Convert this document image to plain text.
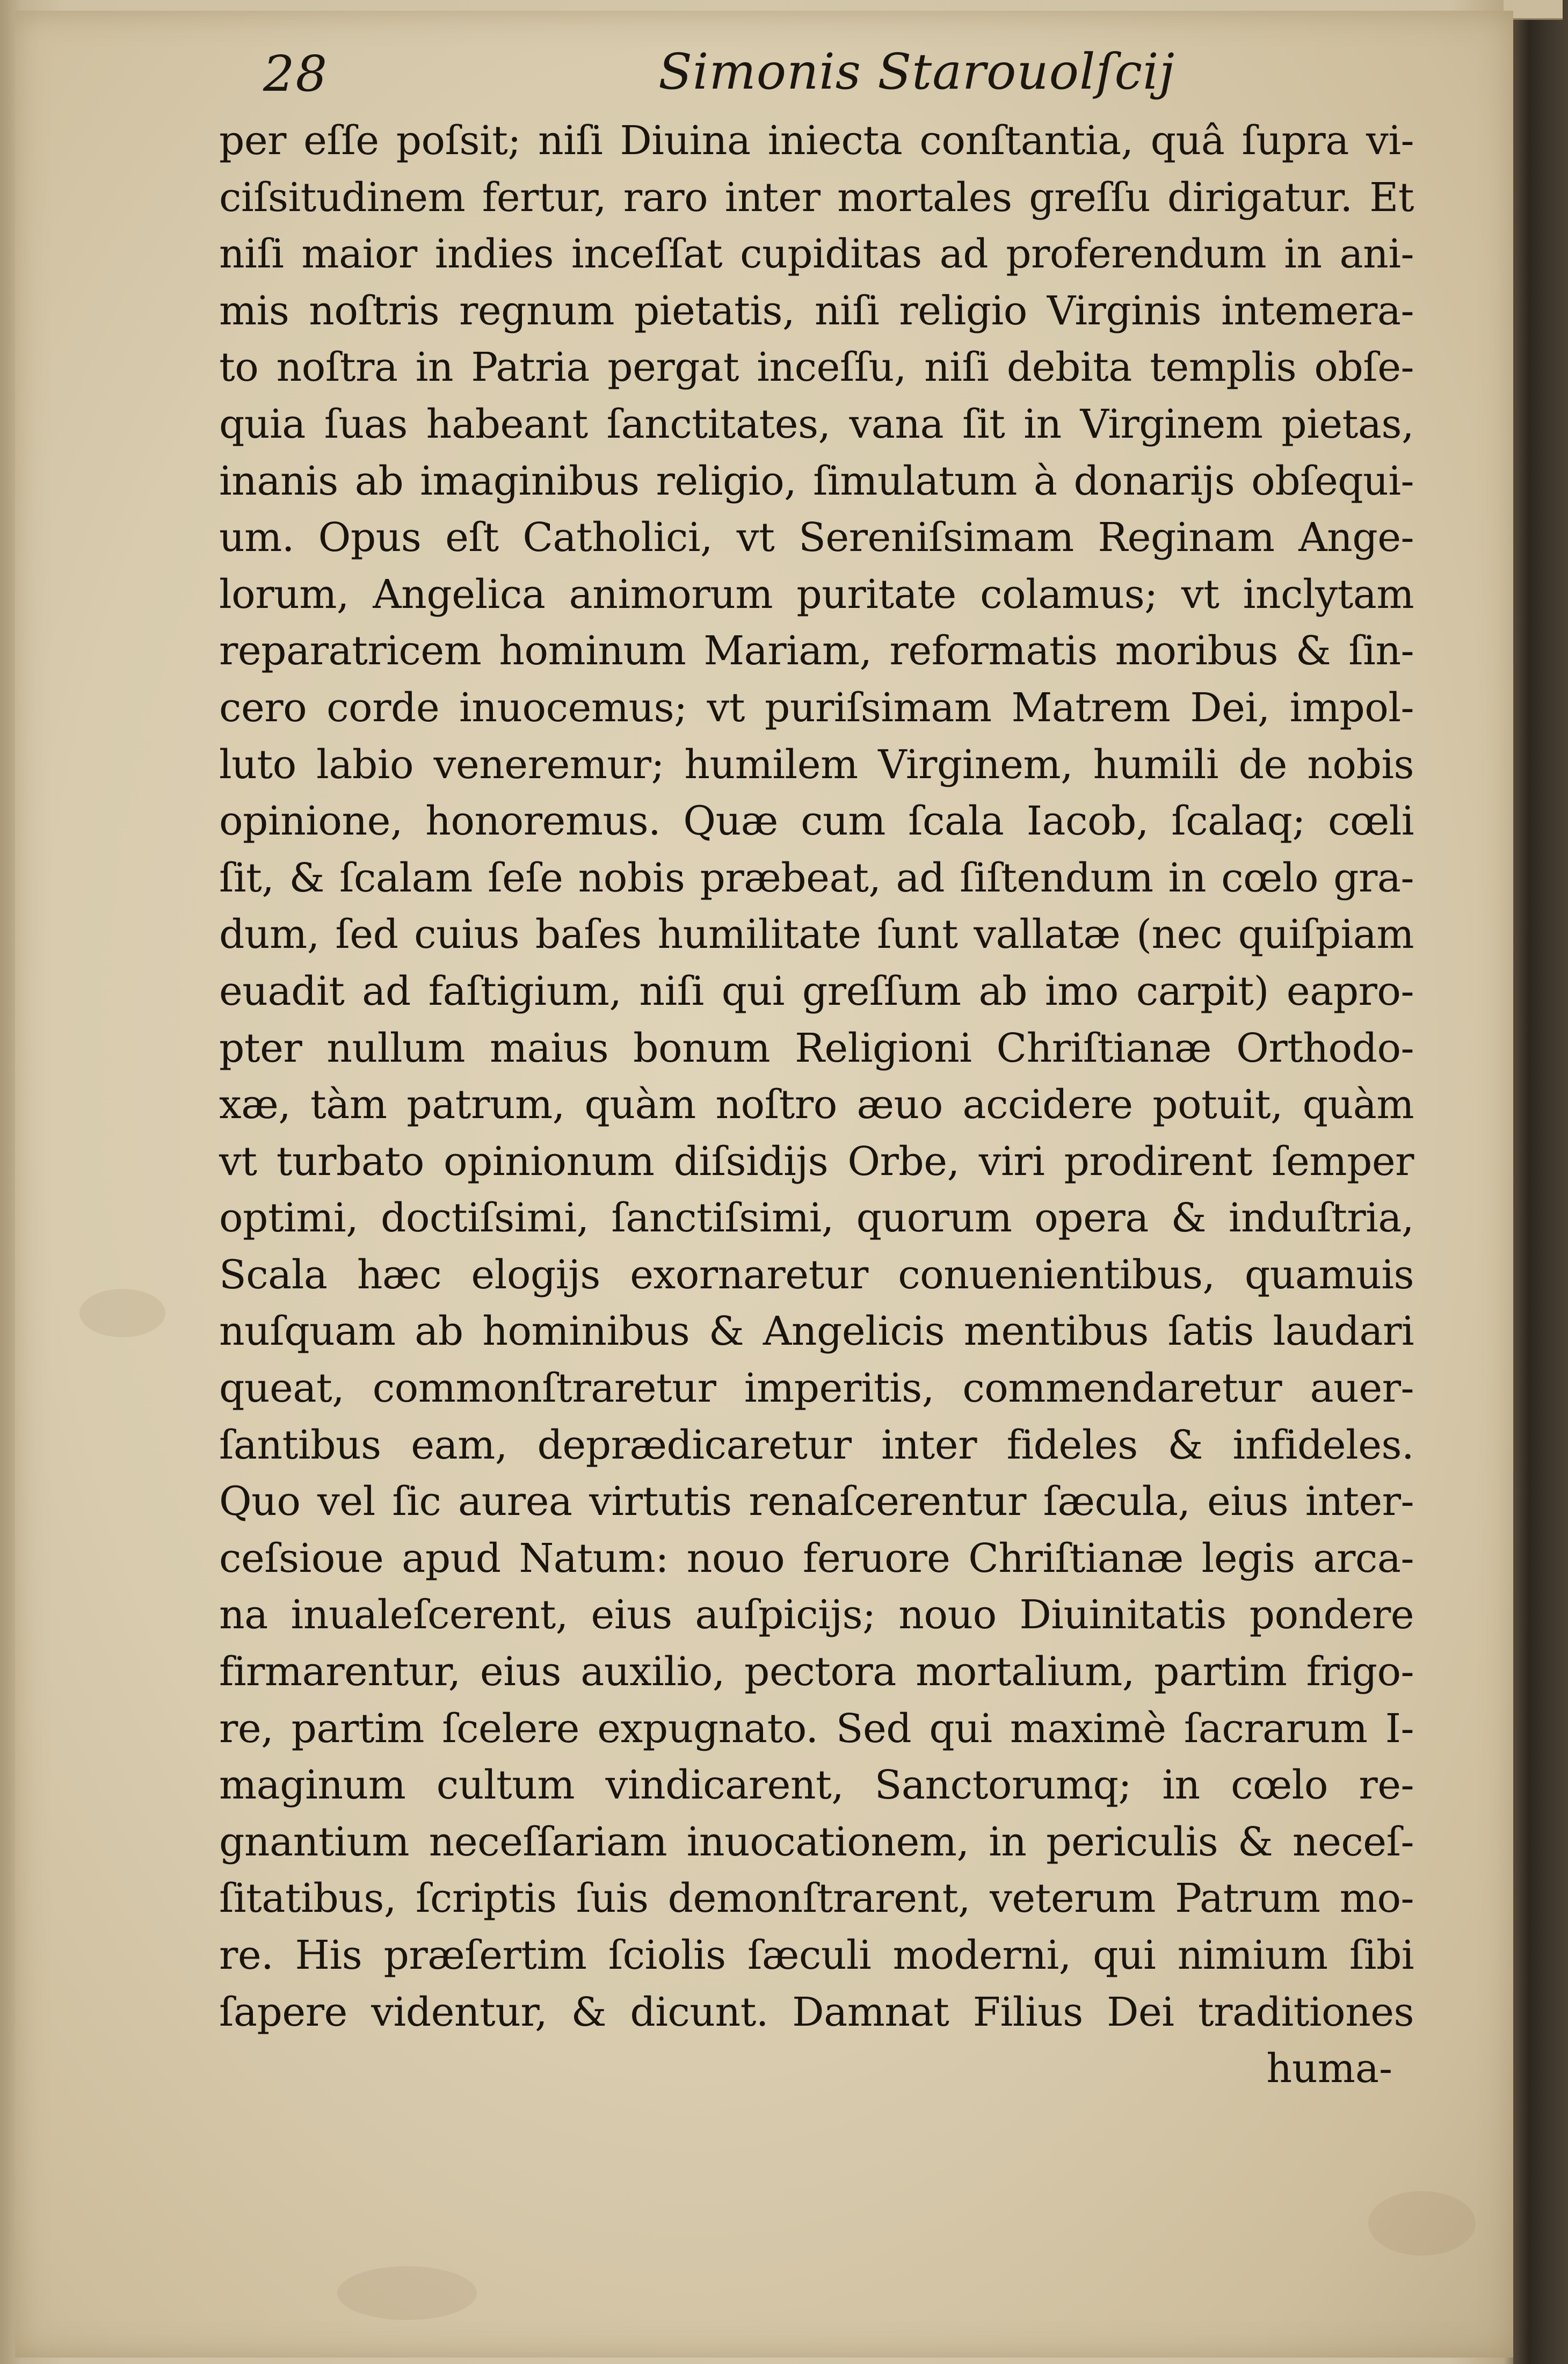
28	Simonis Starouolſcij
per eſſe poſsit; niſi Diuina iniecta conſtantia, quâ ſupra vi-
ciſsitudinem fertur, raro inter mortales greſſu dirigatur. Et
niſi maior indies inceſſat cupiditas ad proferendum in ani-
mis noſtris regnum pietatis, niſi religio Virginis intemera-
to noſtra in Patria pergat inceſſu, niſi debita templis obſe-
quia ſuas habeant ſanctitates, vana ſit in Virginem pietas,
inanis ab imaginibus religio, ſimulatum à donarijs obſequi-
um. Opus eſt Catholici, vt Sereniſsimam Reginam Ange-
lorum, Angelica animorum puritate colamus; vt inclytam
reparatricem hominum Mariam, reformatis moribus & ſin-
cero corde inuocemus; vt puriſsimam Matrem Dei, impol-
luto labio veneremur; humilem Virginem, humili de nobis
opinione, honoremus. Quæ cum ſcala Iacob, ſcalaq; cœli
ſit, & ſcalam ſeſe nobis præbeat, ad ſiſtendum in cœlo gra-
dum, ſed cuius baſes humilitate ſunt vallatæ (nec quiſpiam
euadit ad faſtigium, niſi qui greſſum ab imo carpit) eapro-
pter nullum maius bonum Religioni Chriſtianæ Orthodo-
xæ, tàm patrum, quàm noſtro æuo accidere potuit, quàm
vt turbato opinionum diſsidijs Orbe, viri prodirent ſemper
optimi, doctiſsimi, ſanctiſsimi, quorum opera & induſtria,
Scala hæc elogijs exornaretur conuenientibus, quamuis
nuſquam ab hominibus & Angelicis mentibus ſatis laudari
queat, commonſtraretur imperitis, commendaretur auer-
ſantibus eam, deprædicaretur inter fideles & infideles.
Quo vel ſic aurea virtutis renaſcerentur ſæcula, eius inter-
ceſsioue apud Natum: nouo feruore Chriſtianæ legis arca-
na inualeſcerent, eius auſpicijs; nouo Diuinitatis pondere
firmarentur, eius auxilio, pectora mortalium, partim frigo-
re, partim ſcelere expugnato. Sed qui maximè ſacrarum I-
maginum cultum vindicarent, Sanctorumq; in cœlo re-
gnantium neceſſariam inuocationem, in periculis & neceſ-
ſitatibus, ſcriptis ſuis demonſtrarent, veterum Patrum mo-
re. His præſertim ſciolis ſæculi moderni, qui nimium ſibi
ſapere videntur, & dicunt. Damnat Filius Dei traditiones
huma-
